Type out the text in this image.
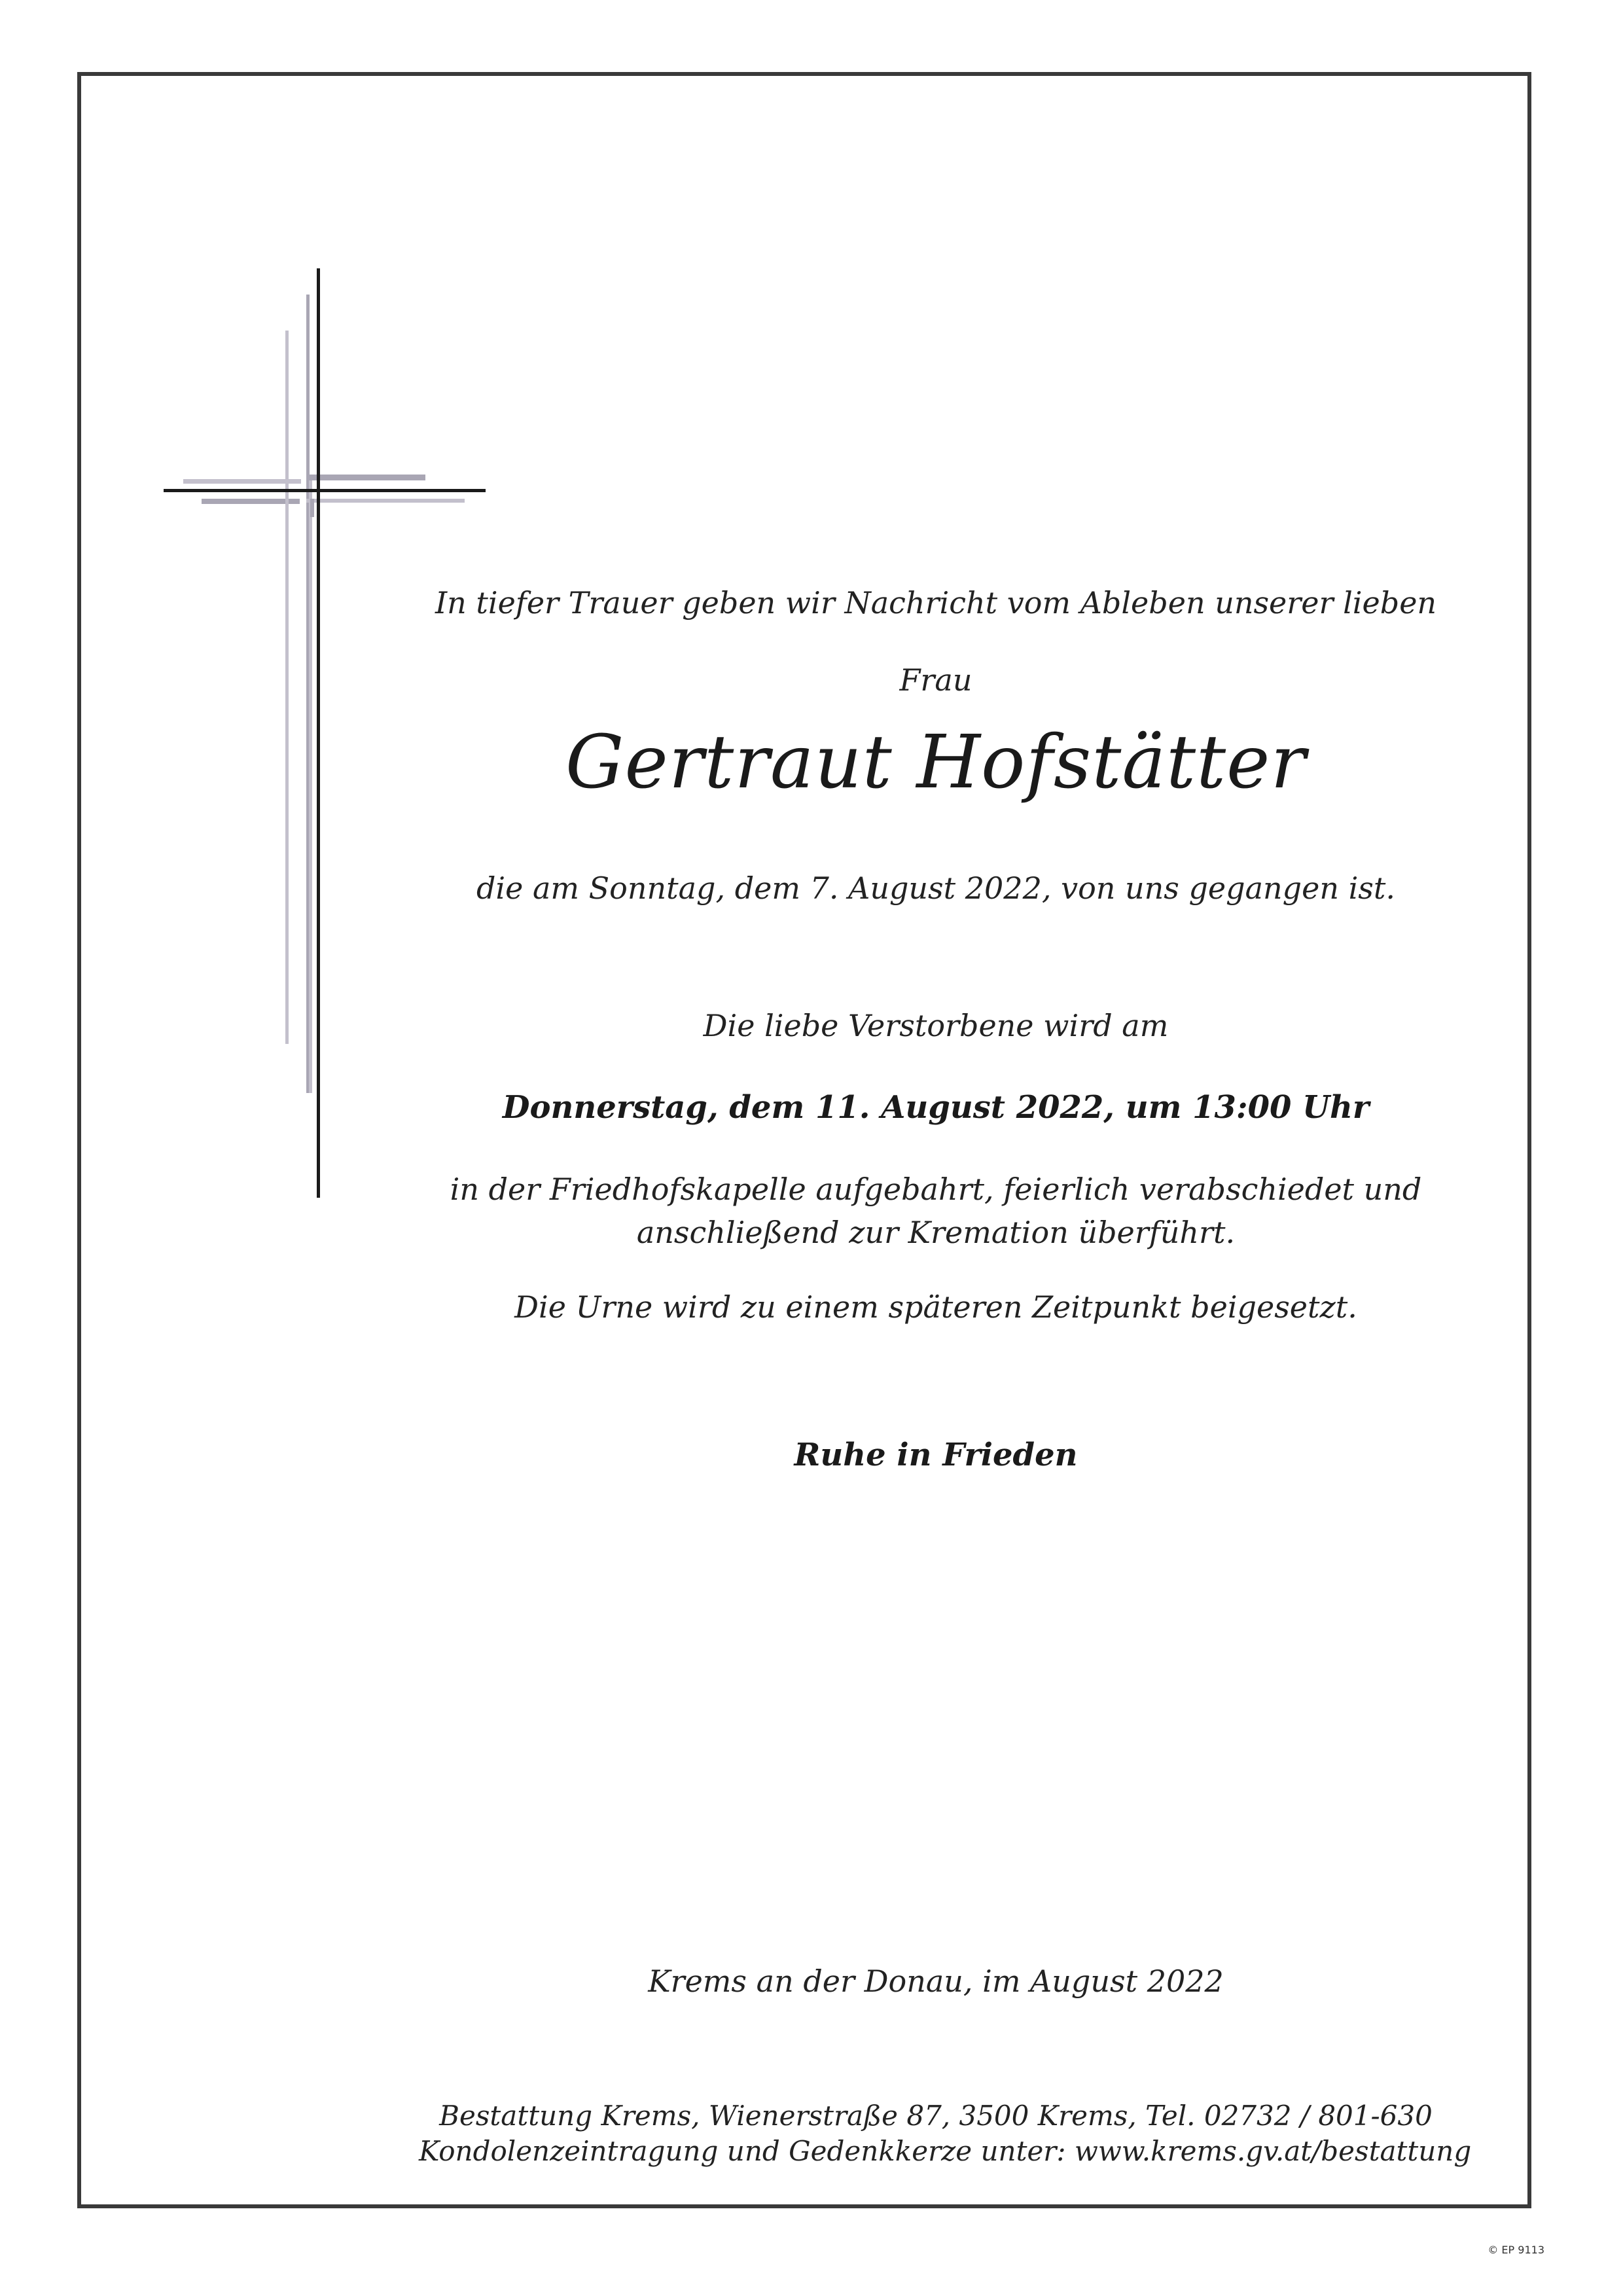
In tiefer Trauer geben wir Nachricht vom Ableben unserer lieben
Frau
Gertraut Hofstätter
die am Sonntag, dem 7. August 2022, von uns gegangen ist.
Die liebe Verstorbene wird am
Donnerstag, dem 11. August 2022, um 13:00 Uhr
in der Friedhofskapelle aufgebahrt, feierlich verabschiedet und
anschließend zur Kremation überführt.
Die Urne wird zu einem späteren Zeitpunkt beigesetzt.
Ruhe in Frieden
Krems an der Donau, im August 2022
Bestattung Krems, Wienerstraße 87, 3500 Krems, Tel. 02732 / 801-630
Kondolenzeintragung und Gedenkkerze unter: www.krems.gv.at/bestattung
© EP 9113
